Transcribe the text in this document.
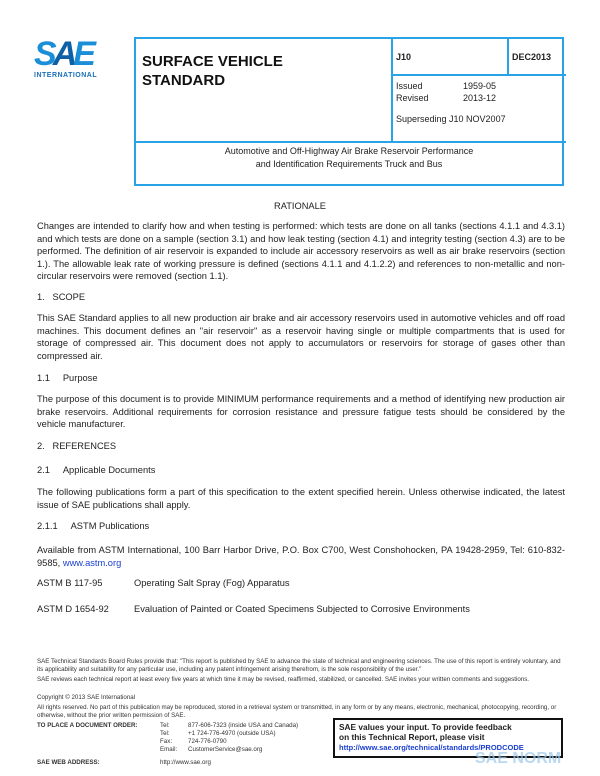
SAE
INTERNATIONAL
SURFACE VEHICLE
STANDARD
J10	DEC2013
Issued	1959-05
Revised	2013-12
Superseding J10 NOV2007
Automotive and Off-Highway Air Brake Reservoir Performance
and Identification Requirements Truck and Bus
RATIONALE
Changes are intended to clarify how and when testing is performed: which tests are done on all tanks (sections 4.1.1 and 4.3.1) and which tests are done on a sample (section 3.1) and how leak testing (section 4.1) and integrity testing (section 4.3) are to be performed. The definition of air reservoir is expanded to include air accessory reservoirs as well as air brake reservoirs (section 1.). The allowable leak rate of working pressure is defined (sections 4.1.1 and 4.1.2.2) and references to non-metallic and non-circular reservoirs were removed (section 1.1).
1. SCOPE
This SAE Standard applies to all new production air brake and air accessory reservoirs used in automotive vehicles and off road machines. This document defines an "air reservoir" as a reservoir having single or multiple compartments that is used for storage of compressed air. This document does not apply to accumulators or reservoirs for storage of gases other than compressed air.
1.1 Purpose
The purpose of this document is to provide MINIMUM performance requirements and a method of identifying new production air brake reservoirs. Additional requirements for corrosion resistance and pressure fatigue tests should be considered by the vehicle manufacturer.
2. REFERENCES
2.1 Applicable Documents
The following publications form a part of this specification to the extent specified herein. Unless otherwise indicated, the latest issue of SAE publications shall apply.
2.1.1 ASTM Publications
Available from ASTM International, 100 Barr Harbor Drive, P.O. Box C700, West Conshohocken, PA 19428-2959, Tel: 610-832-9585, www.astm.org
ASTM B 117-95	Operating Salt Spray (Fog) Apparatus
ASTM D 1654-92	Evaluation of Painted or Coated Specimens Subjected to Corrosive Environments
SAE Technical Standards Board Rules provide that: "This report is published by SAE to advance the state of technical and engineering sciences. The use of this report is entirely voluntary, and its applicability and suitability for any particular use, including any patent infringement arising therefrom, is the sole responsibility of the user."
SAE reviews each technical report at least every five years at which time it may be revised, reaffirmed, stabilized, or cancelled. SAE invites your written comments and suggestions.
Copyright © 2013 SAE International
All rights reserved. No part of this publication may be reproduced, stored in a retrieval system or transmitted, in any form or by any means, electronic, mechanical, photocopying, recording, or otherwise, without the prior written permission of SAE.
TO PLACE A DOCUMENT ORDER:	Tel:	877-606-7323 (inside USA and Canada)
Tel:	+1 724-776-4970 (outside USA)
Fax:	724-776-0790
Email: CustomerService@sae.org
SAE WEB ADDRESS:	http://www.sae.org
SAE values your input. To provide feedback
on this Technical Report, please visit
http://www.sae.org/technical/standards/PRODCODE
SAE NORM
